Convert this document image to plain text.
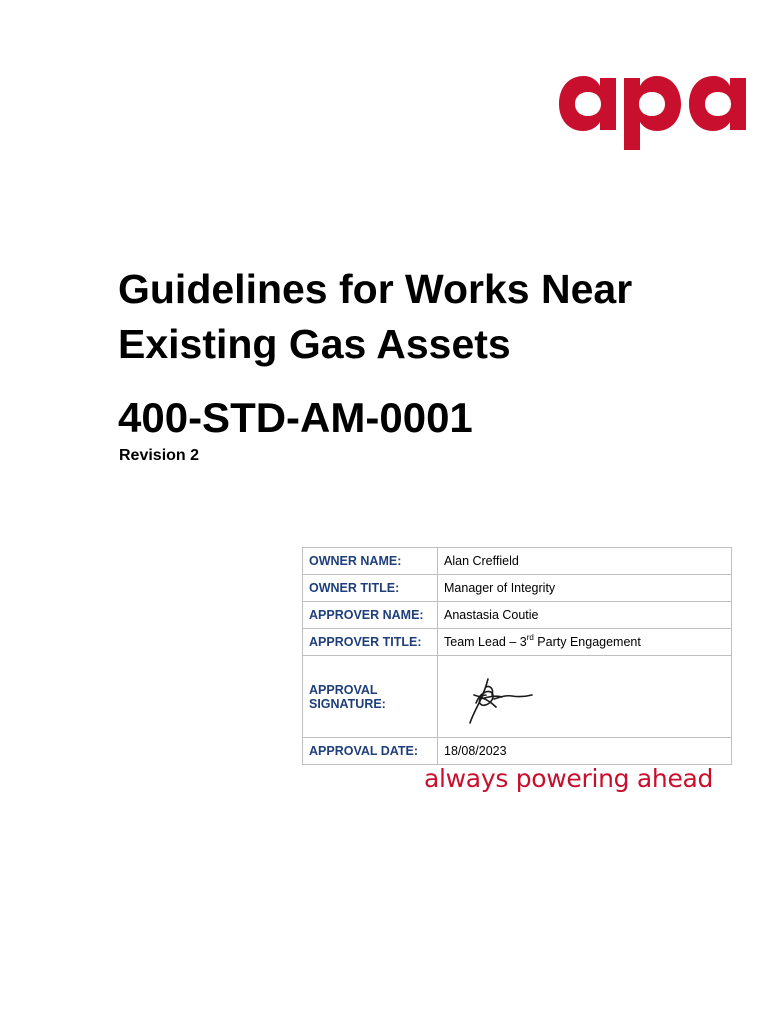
Guidelines for Works Near
Existing Gas Assets
400-STD-AM-0001
Revision 2
OWNER NAME:	Alan Creffield
OWNER TITLE:	Manager of Integrity
APPROVER NAME:	Anastasia Coutie
APPROVER TITLE:	Team Lead – 3rd Party Engagement
APPROVAL SIGNATURE:	

APPROVAL DATE:	18/08/2023
always powering ahead
